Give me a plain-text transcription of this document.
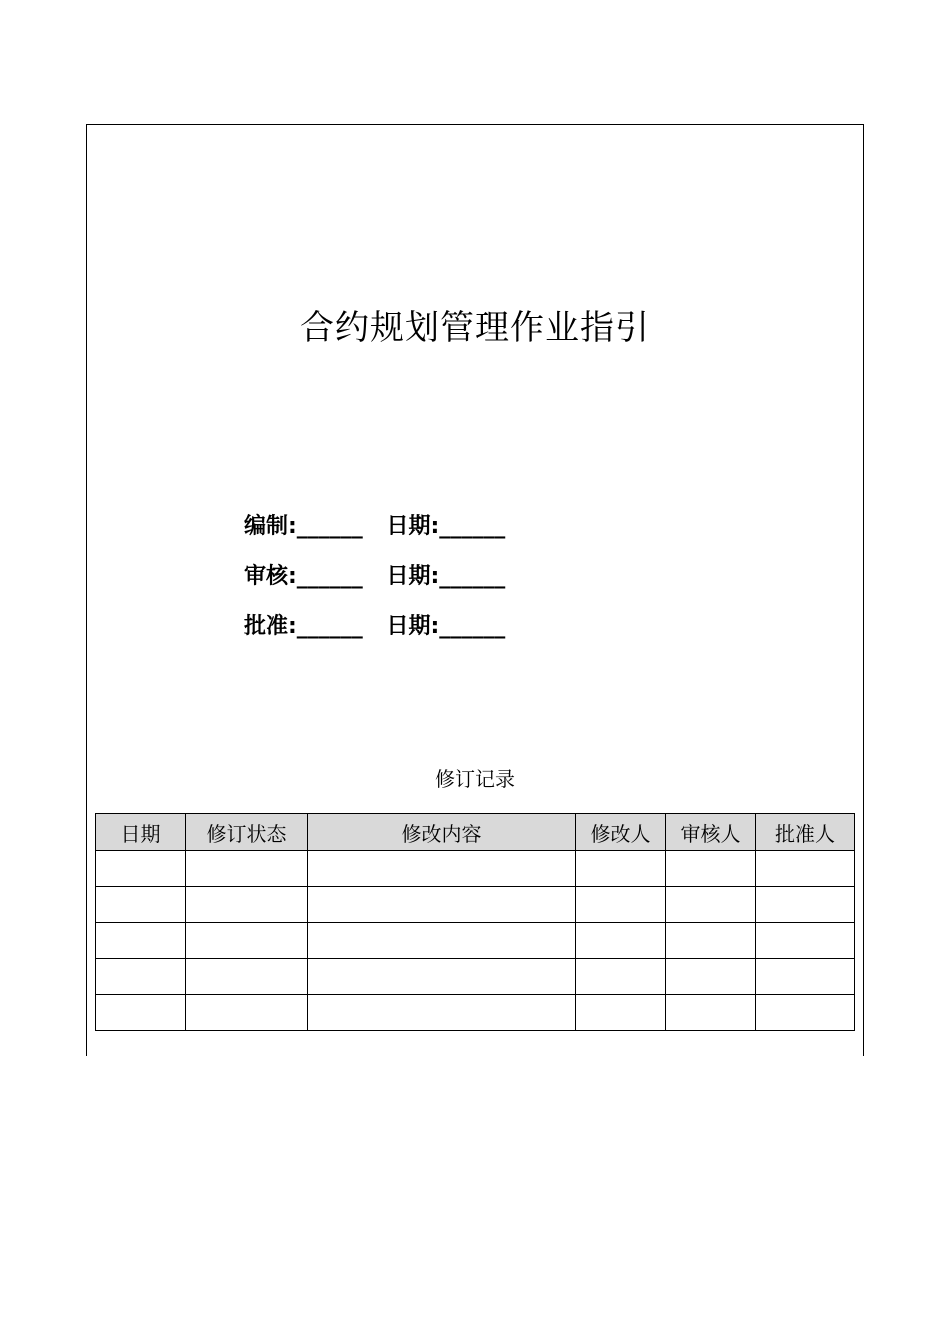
合约规划管理作业指引
编制:______ 日期:______
审核:______ 日期:______
批准:______ 日期:______
修订记录
日期	修订状态	修改内容	修改人	审核人	批准人
